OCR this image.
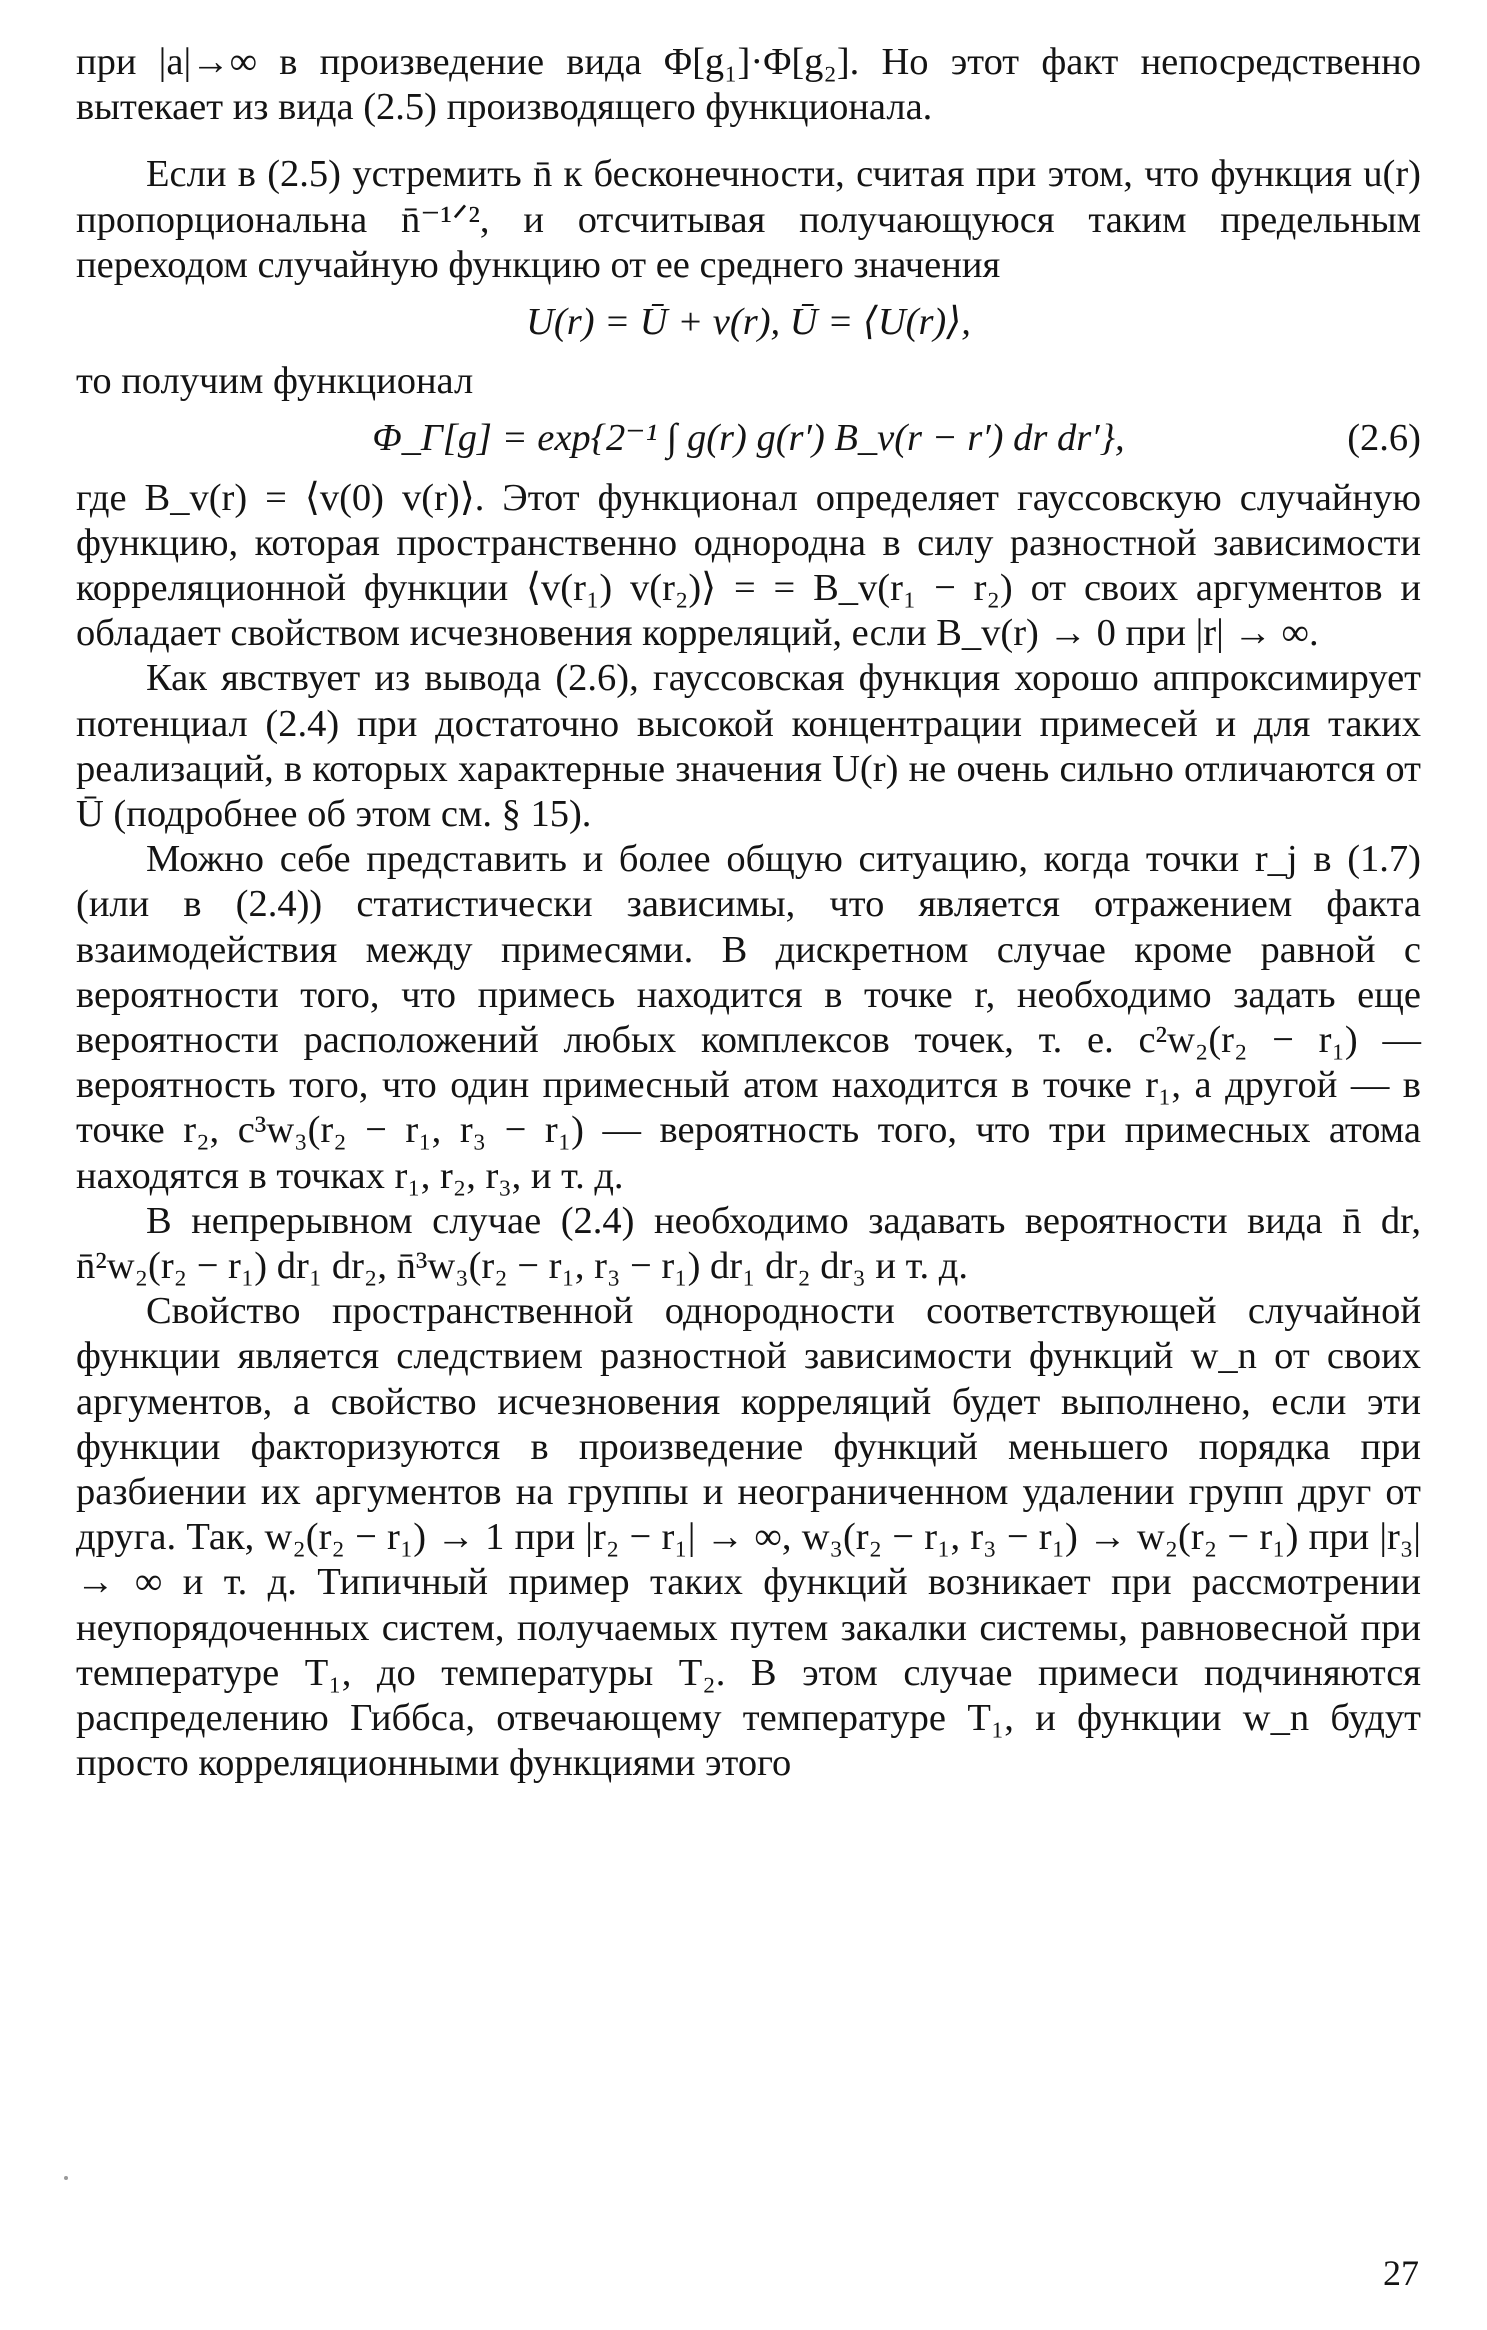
при |a|→∞ в произведение вида Φ[g₁]·Φ[g₂]. Но этот факт непосредственно вытекает из вида (2.5) производящего функционала.

Если в (2.5) устремить n̄ к бесконечности, считая при этом, что функция u(r) пропорциональна n̄⁻¹ᐟ², и отсчитывая получающуюся таким предельным переходом случайную функцию от ее среднего значения

U(r) = Ū + v(r), Ū = ⟨U(r)⟩,

то получим функционал

Φ_Γ[g] = exp{2⁻¹ ∫ g(r) g(r′) B_v(r − r′) dr dr′},	(2.6)

где B_v(r) = ⟨v(0) v(r)⟩. Этот функционал определяет гауссовскую случайную функцию, которая пространственно однородна в силу разностной зависимости корреляционной функции ⟨v(r₁) v(r₂)⟩ = = B_v(r₁ − r₂) от своих аргументов и обладает свойством исчезновения корреляций, если B_v(r) → 0 при |r| → ∞.

Как явствует из вывода (2.6), гауссовская функция хорошо аппроксимирует потенциал (2.4) при достаточно высокой концентрации примесей и для таких реализаций, в которых характерные значения U(r) не очень сильно отличаются от Ū (подробнее об этом см. § 15).

Можно себе представить и более общую ситуацию, когда точки r_j в (1.7) (или в (2.4)) статистически зависимы, что является отражением факта взаимодействия между примесями. В дискретном случае кроме равной c вероятности того, что примесь находится в точке r, необходимо задать еще вероятности расположений любых комплексов точек, т. е. c²w₂(r₂ − r₁) — вероятность того, что один примесный атом находится в точке r₁, а другой — в точке r₂, c³w₃(r₂ − r₁, r₃ − r₁) — вероятность того, что три примесных атома находятся в точках r₁, r₂, r₃, и т. д.

В непрерывном случае (2.4) необходимо задавать вероятности вида n̄ dr, n̄²w₂(r₂ − r₁) dr₁ dr₂, n̄³w₃(r₂ − r₁, r₃ − r₁) dr₁ dr₂ dr₃ и т. д.

Свойство пространственной однородности соответствующей случайной функции является следствием разностной зависимости функций w_n от своих аргументов, а свойство исчезновения корреляций будет выполнено, если эти функции факторизуются в произведение функций меньшего порядка при разбиении их аргументов на группы и неограниченном удалении групп друг от друга. Так, w₂(r₂ − r₁) → 1 при |r₂ − r₁| → ∞, w₃(r₂ − r₁, r₃ − r₁) → w₂(r₂ − r₁) при |r₃| → ∞ и т. д. Типичный пример таких функций возникает при рассмотрении неупорядоченных систем, получаемых путем закалки системы, равновесной при температуре T₁, до температуры T₂. В этом случае примеси подчиняются распределению Гиббса, отвечающему температуре T₁, и функции w_n будут просто корреляционными функциями этого

27
